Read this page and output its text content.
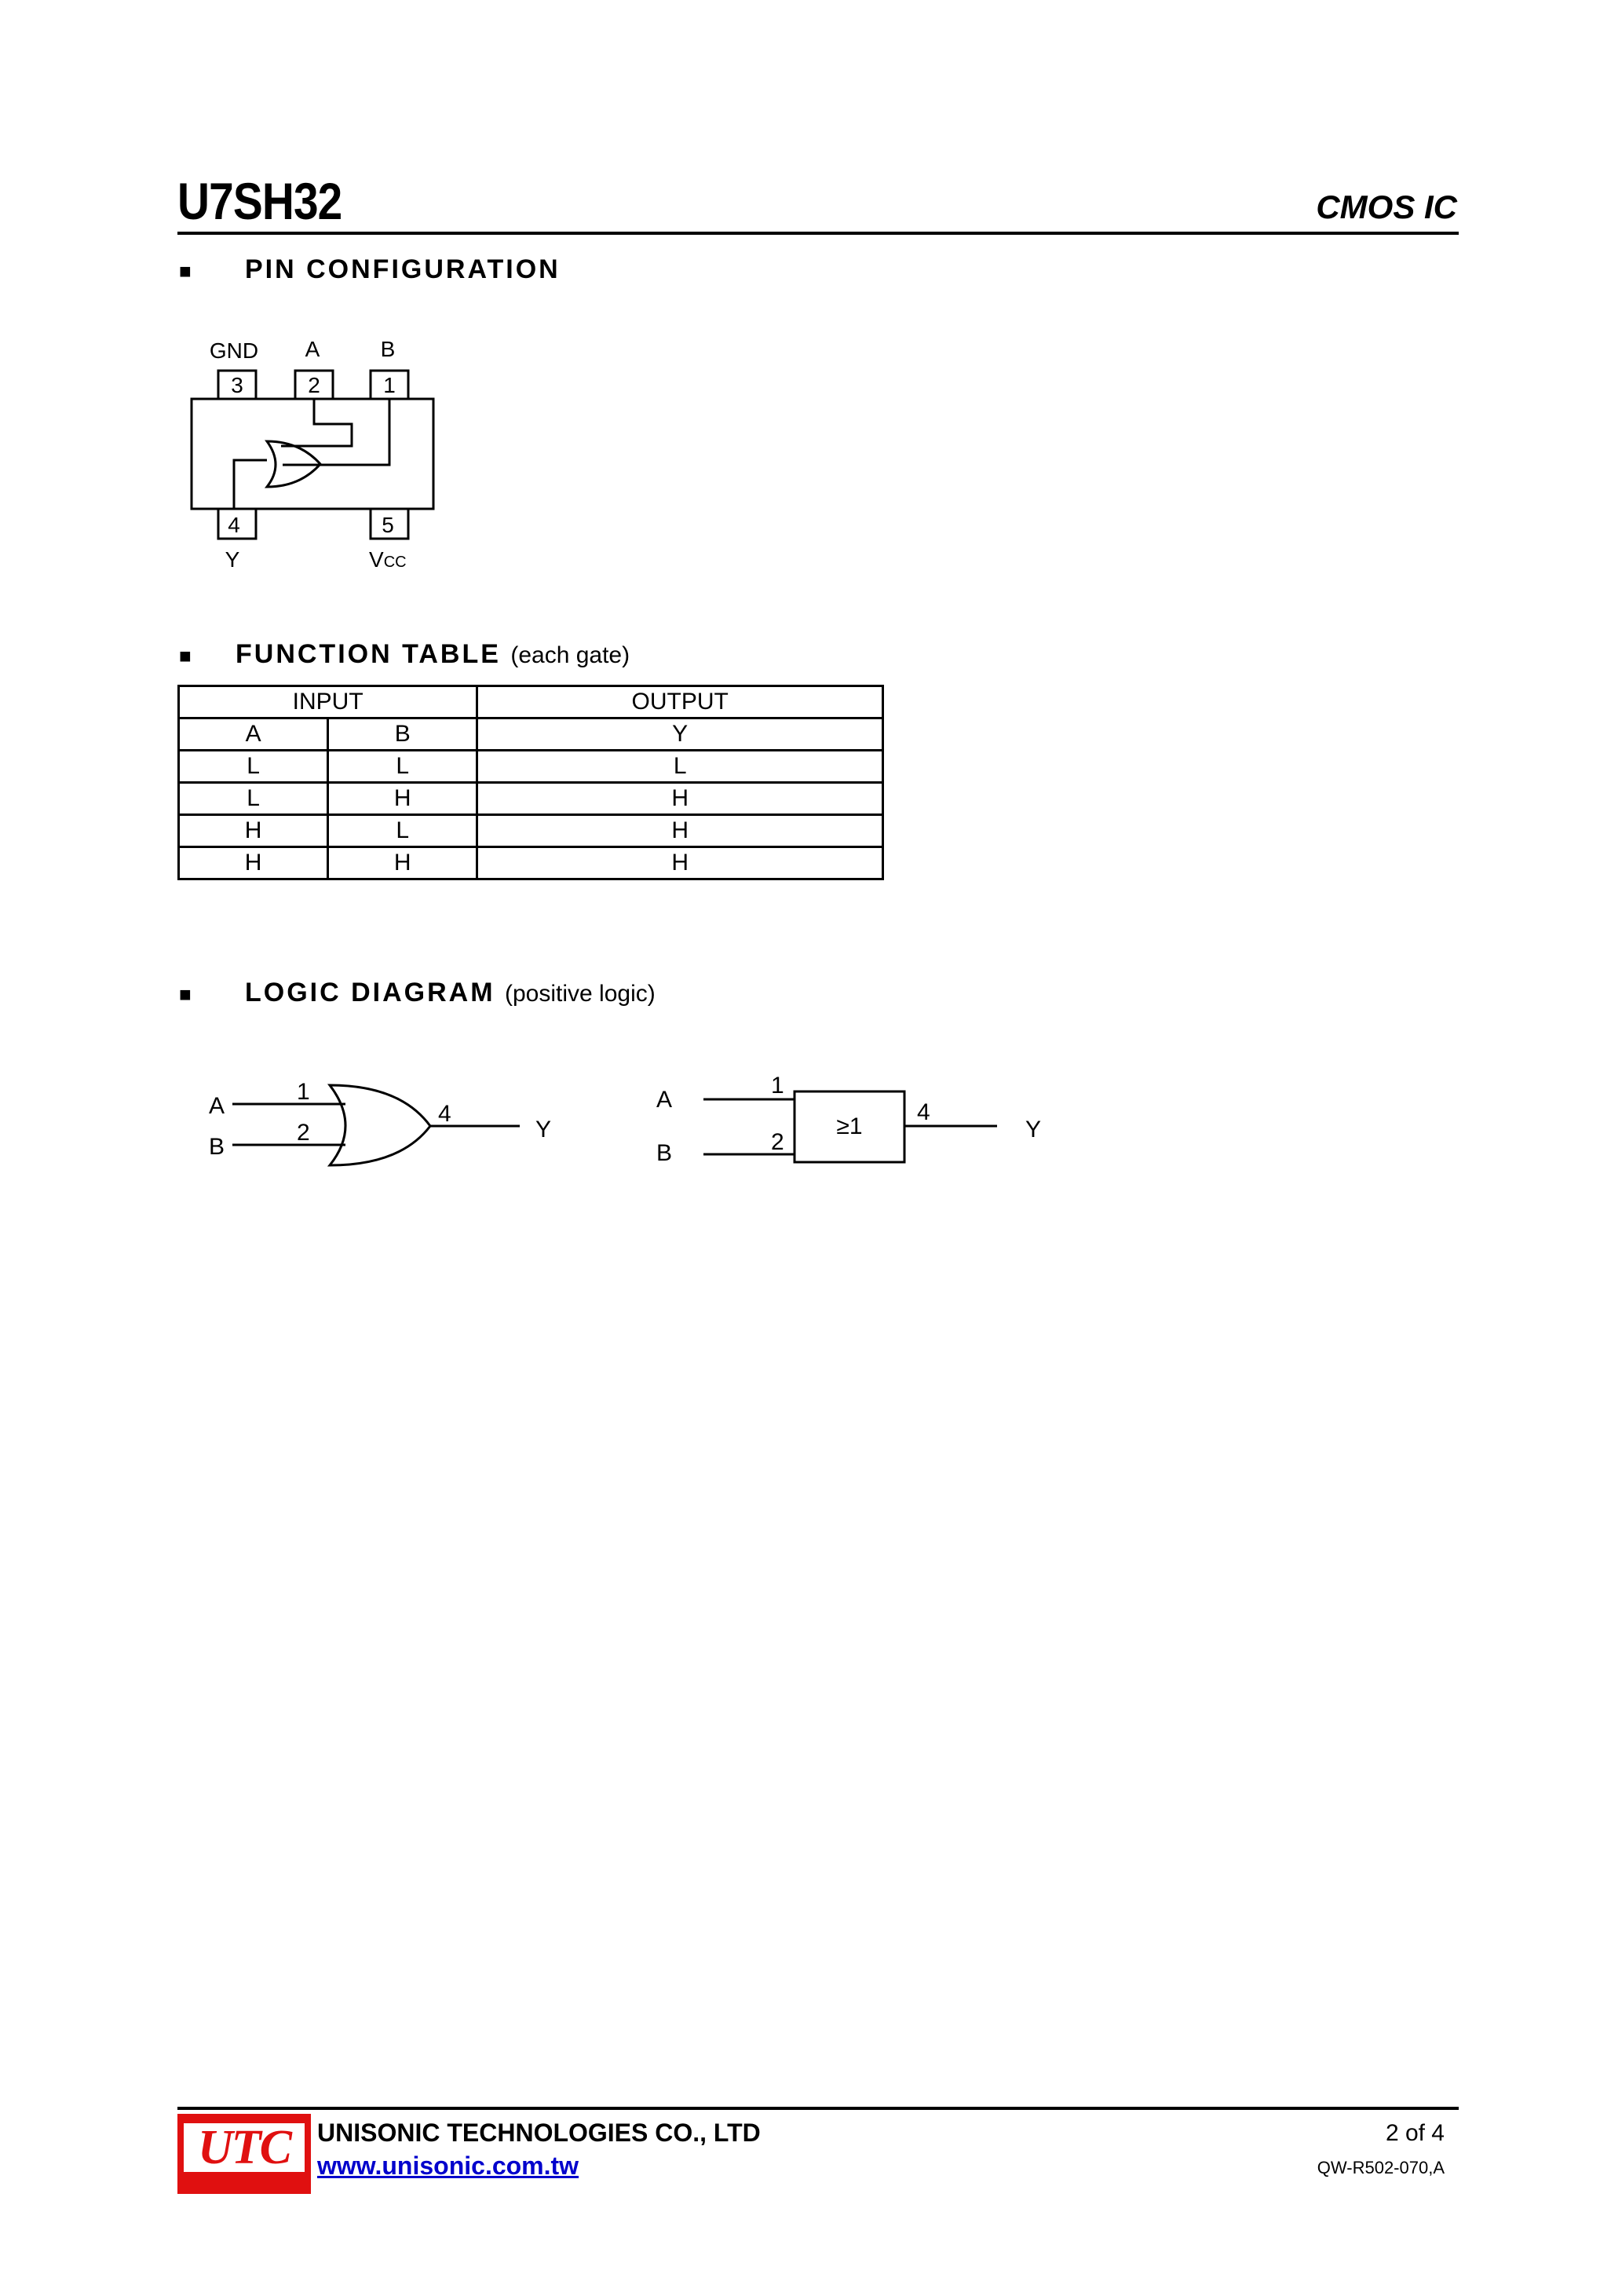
U7SH32	CMOS IC
■ PIN CONFIGURATION
GND A	B
3	2	1
4	5
Y	VCC
■ FUNCTION TABLE (each gate)
INPUT		OUTPUT
A	B	Y
L	L	L
L	H	H
H	L	H
H	H	H
■ LOGIC DIAGRAM (positive logic)
A
B
1
2
4
Y
A
B
1
2
4
Y
≥1
UTC	UNISONIC TECHNOLOGIES CO., LTD
www.unisonic.com.tw
2 of 4
QW-R502-070,A
